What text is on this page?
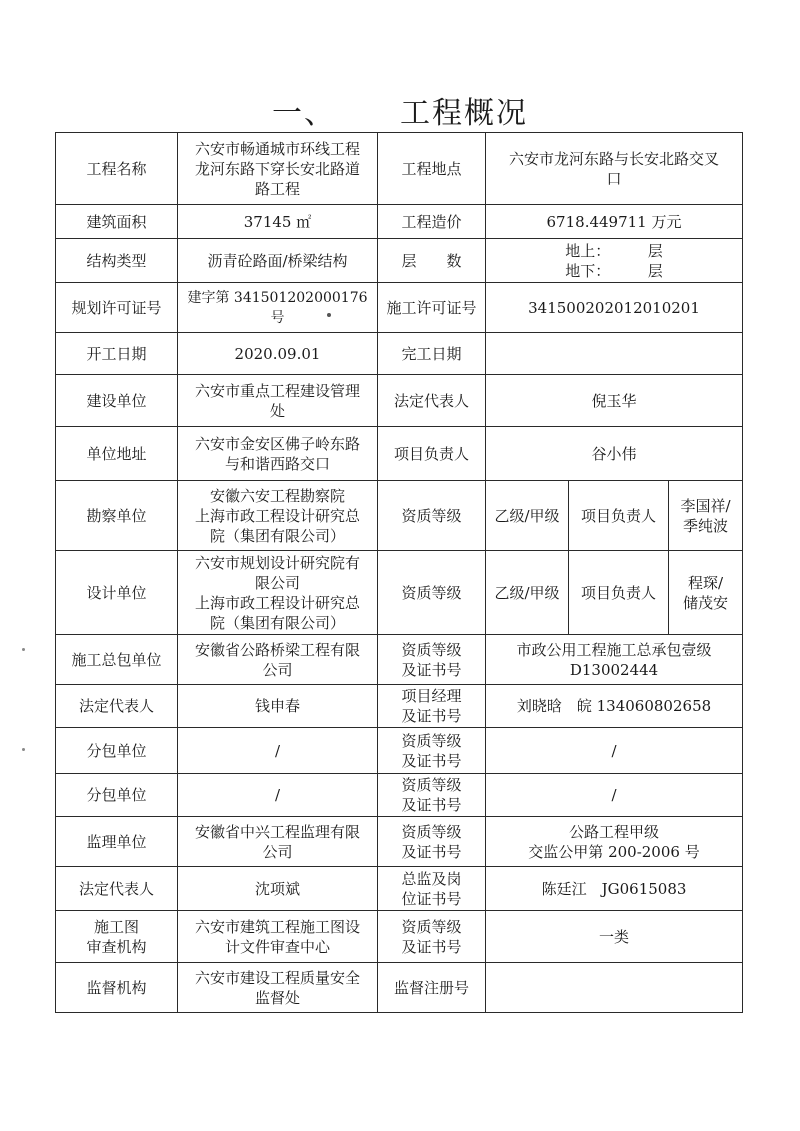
一、 工程概况
工程名称	六安市畅通城市环线工程
龙河东路下穿长安北路道
路工程	工程地点	六安市龙河东路与长安北路交叉
口		
建筑面积	37145 ㎡	工程造价	6718.449711 万元		
结构类型	沥青砼路面/桥梁结构	层　　数	地上：　　　层
地下：　　　层		
规划许可证号	建字第 341501202000176 号	施工许可证号	341500202012010201		
开工日期	2020.09.01	完工日期			
建设单位	六安市重点工程建设管理
处	法定代表人	倪玉华		
单位地址	六安市金安区佛子岭东路
与和谐西路交口	项目负责人	谷小伟		
勘察单位	安徽六安工程勘察院
上海市政工程设计研究总
院（集团有限公司）	资质等级	乙级/甲级	项目负责人	李国祥/
季纯波
设计单位	六安市规划设计研究院有
限公司
上海市政工程设计研究总
院（集团有限公司）	资质等级	乙级/甲级	项目负责人	程琛/
储茂安
施工总包单位	安徽省公路桥梁工程有限
公司	资质等级
及证书号	市政公用工程施工总承包壹级
D13002444		
法定代表人	钱申春	项目经理
及证书号	刘晓晗　皖 134060802658		
分包单位	/	资质等级
及证书号	/		
分包单位	/	资质等级
及证书号	/		
监理单位	安徽省中兴工程监理有限
公司	资质等级
及证书号	公路工程甲级
交监公甲第 200-2006 号		
法定代表人	沈项斌	总监及岗
位证书号	陈廷江　JG0615083		
施工图
审查机构	六安市建筑工程施工图设
计文件审查中心	资质等级
及证书号	一类		
监督机构	六安市建设工程质量安全
监督处	监督注册号			
